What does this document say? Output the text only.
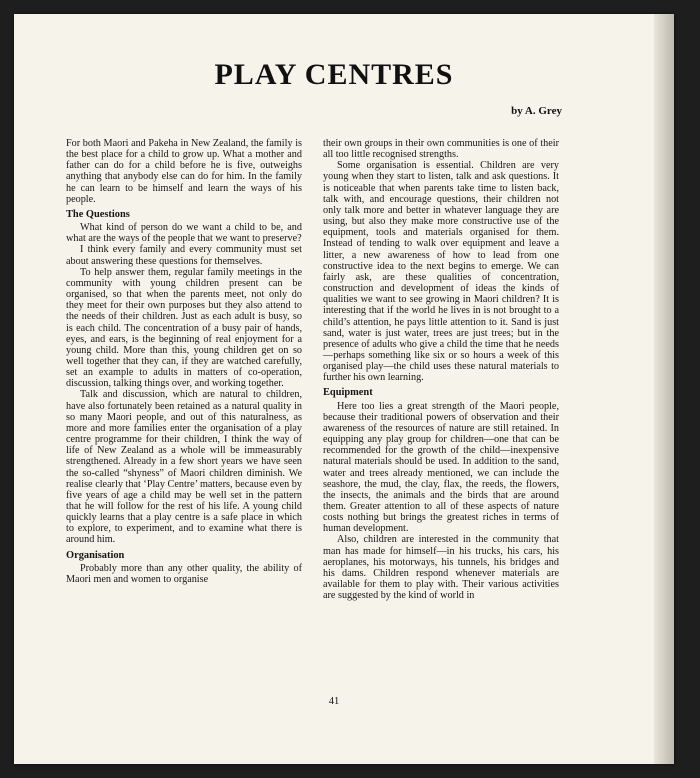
PLAY CENTRES
by A. Grey

For both Maori and Pakeha in New Zealand, the family is the best place for a child to grow up. What a mother and father can do for a child before he is five, outweighs anything that anybody else can do for him. In the family he can learn to be himself and learn the ways of his people.

The Questions

What kind of person do we want a child to be, and what are the ways of the people that we want to preserve?

I think every family and every community must set about answering these questions for themselves.

To help answer them, regular family meetings in the community with young children present can be organised, so that when the parents meet, not only do they meet for their own purposes but they also attend to the needs of their children. Just as each adult is busy, so is each child. The concentration of a busy pair of hands, eyes, and ears, is the beginning of real enjoyment for a young child. More than this, young children get on so well together that they can, if they are watched carefully, set an example to adults in matters of co-operation, discussion, talking things over, and working together.

Talk and discussion, which are natural to children, have also fortunately been retained as a natural quality in so many Maori people, and out of this naturalness, as more and more families enter the organisation of a play centre programme for their children, I think the way of life of New Zealand as a whole will be immeasurably strengthened. Already in a few short years we have seen the so-called “shyness” of Maori children diminish. We realise clearly that ‘Play Centre’ matters, because even by five years of age a child may be well set in the pattern that he will follow for the rest of his life. A young child quickly learns that a play centre is a safe place in which to explore, to experiment, and to examine what there is around him.

Organisation

Probably more than any other quality, the ability of Maori men and women to organise

their own groups in their own communities is one of their all too little recognised strengths.

Some organisation is essential. Children are very young when they start to listen, talk and ask questions. It is noticeable that when parents take time to listen back, talk with, and encourage questions, their children not only talk more and better in whatever language they are using, but also they make more constructive use of the equipment, tools and materials organised for them. Instead of tending to walk over equipment and leave a litter, a new awareness of how to lead from one constructive idea to the next begins to emerge. We can fairly ask, are these qualities of concentration, construction and development of ideas the kinds of qualities we want to see growing in Maori children? It is interesting that if the world he lives in is not brought to a child’s attention, he pays little attention to it. Sand is just sand, water is just water, trees are just trees; but in the presence of adults who give a child the time that he needs—perhaps something like six or so hours a week of this organised play—the child uses these natural materials to further his own learning.

Equipment

Here too lies a great strength of the Maori people, because their traditional powers of observation and their awareness of the resources of nature are still retained. In equipping any play group for children—one that can be recommended for the growth of the child—inexpensive natural materials should be used. In addition to the sand, water and trees already mentioned, we can include the seashore, the mud, the clay, flax, the reeds, the flowers, the insects, the animals and the birds that are around them. Greater attention to all of these aspects of nature costs nothing but brings the greatest riches in terms of human development.

Also, children are interested in the community that man has made for himself—in his trucks, his cars, his aeroplanes, his motorways, his tunnels, his bridges and his dams. Children respond whenever materials are available for them to play with. Their various activities are suggested by the kind of world in

41
